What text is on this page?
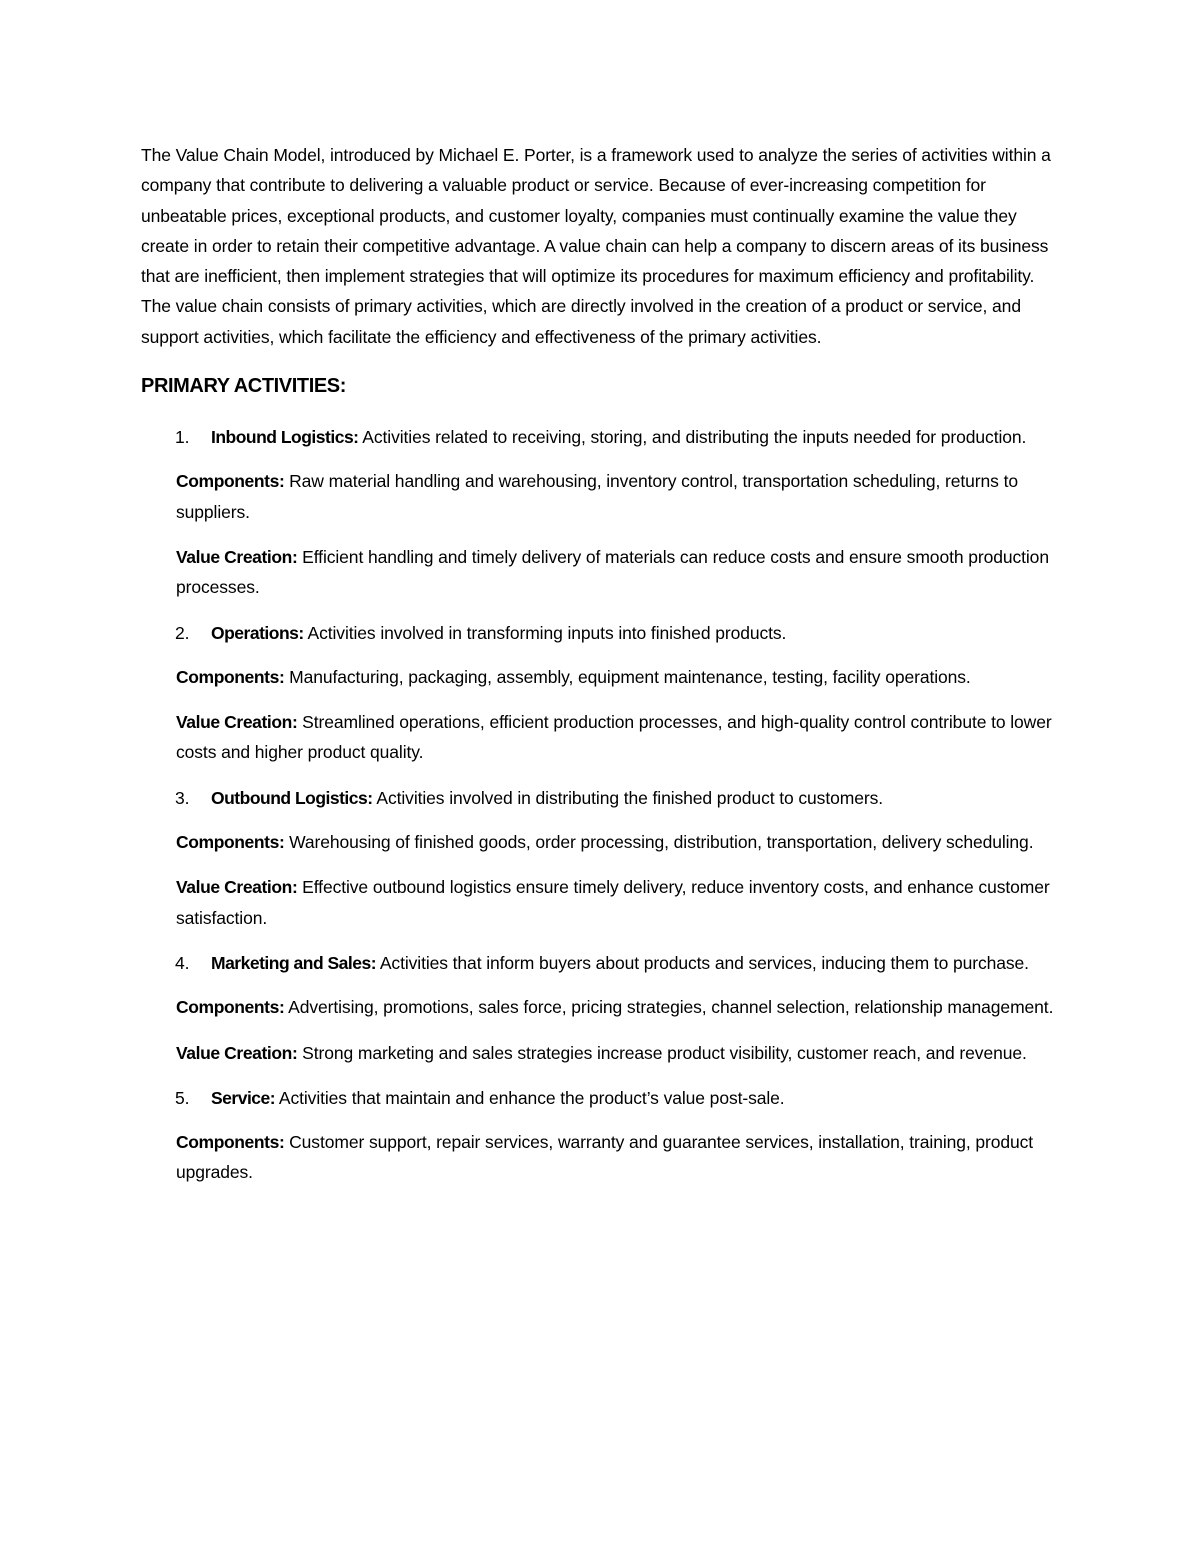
The Value Chain Model, introduced by Michael E. Porter, is a framework used to analyze the series of activities within a company that contribute to delivering a valuable product or service. Because of ever-increasing competition for unbeatable prices, exceptional products, and customer loyalty, companies must continually examine the value they create in order to retain their competitive advantage. A value chain can help a company to discern areas of its business that are inefficient, then implement strategies that will optimize its procedures for maximum efficiency and profitability. The value chain consists of primary activities, which are directly involved in the creation of a product or service, and support activities, which facilitate the efficiency and effectiveness of the primary activities.

PRIMARY ACTIVITIES:
1. Inbound Logistics: Activities related to receiving, storing, and distributing the inputs needed for production.

Components: Raw material handling and warehousing, inventory control, transportation scheduling, returns to suppliers.

Value Creation: Efficient handling and timely delivery of materials can reduce costs and ensure smooth production processes.

2. Operations: Activities involved in transforming inputs into finished products.

Components: Manufacturing, packaging, assembly, equipment maintenance, testing, facility operations.

Value Creation: Streamlined operations, efficient production processes, and high-quality control contribute to lower costs and higher product quality.

3. Outbound Logistics: Activities involved in distributing the finished product to customers.

Components: Warehousing of finished goods, order processing, distribution, transportation, delivery scheduling.

Value Creation: Effective outbound logistics ensure timely delivery, reduce inventory costs, and enhance customer satisfaction.

4. Marketing and Sales: Activities that inform buyers about products and services, inducing them to purchase.

Components: Advertising, promotions, sales force, pricing strategies, channel selection, relationship management.

Value Creation: Strong marketing and sales strategies increase product visibility, customer reach, and revenue.

5. Service: Activities that maintain and enhance the product’s value post-sale.

Components: Customer support, repair services, warranty and guarantee services, installation, training, product upgrades.
